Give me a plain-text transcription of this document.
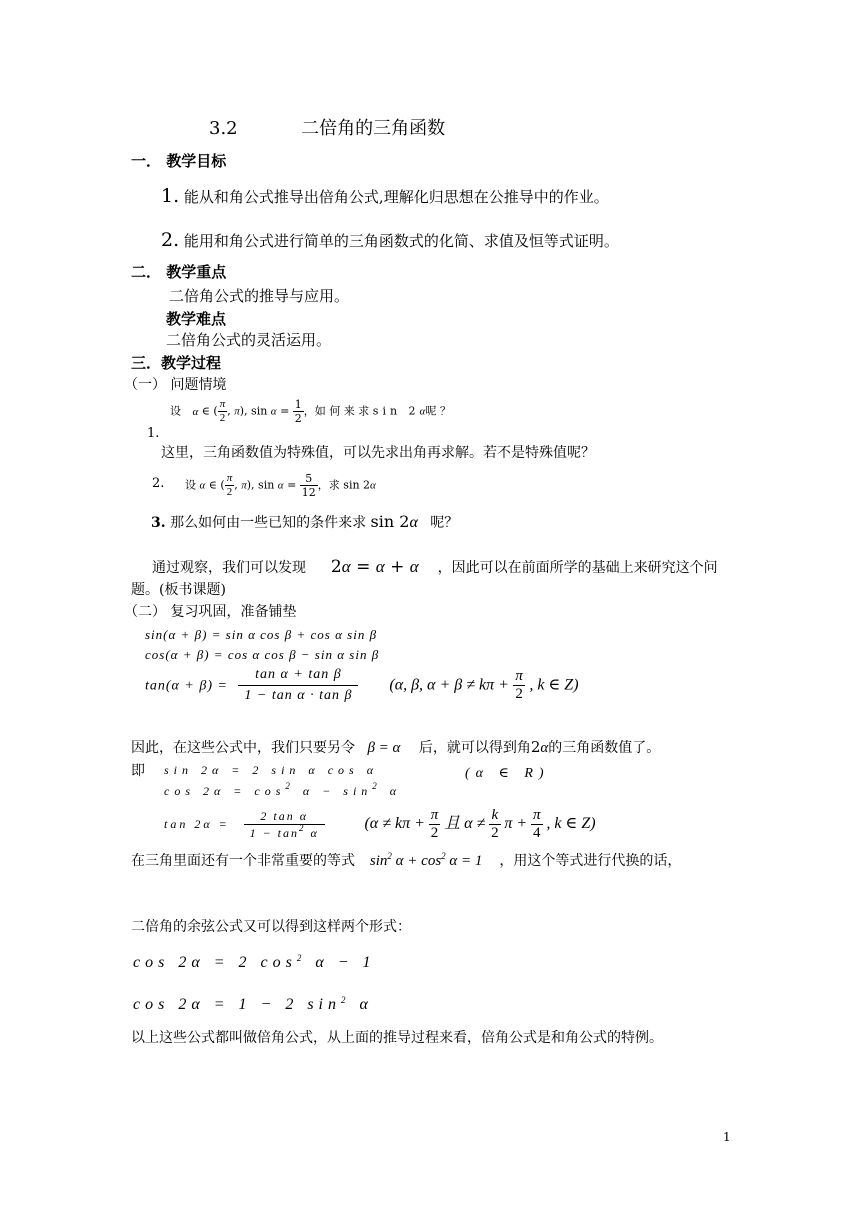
3.2	二倍角的三角函数
一． 教学目标
1. 能从和角公式推导出倍角公式,理解化归思想在公推导中的作业。
2. 能用和角公式进行简单的三角函数式的化简、求值及恒等式证明。
二． 教学重点
二倍角公式的推导与应用。
教学难点
二倍角公式的灵活运用。
三．教学过程
（一） 问题情境
设 α ∈ ( $\frac{\pi}{2}$ , π), $\sin \alpha = \frac{1}{2}$ ，如 何 来 求 sin 2α呢 ？
1.
这里，三角函数值为特殊值，可以先求出角再求解。若不是特殊值呢？
2. 设 α ∈ ( $\frac{\pi}{2}$ , π), $\sin \alpha = \frac{5}{12}$ ，求 sin 2α
3. 那么如何由一些已知的条件来求 sin 2α 呢？
通过观察，我们可以发现 2α = α + α ，因此可以在前面所学的基础上来研究这个问
题。(板书课题)
（二） 复习巩固，准备铺垫
sin(α + β) = sin α cos β + cos α sin β
cos(α + β) = cos α cos β − sin α sin β
$\tan(\alpha + \beta) = \frac{\text{tan α + tan β}}{\text{1 − tan α · tan β}} (\alpha$, β, $\alpha + \beta \ne k\pi + \frac{\pi}{2}$ , k ∈ Z)
因此，在这些公式中，我们只要另令 β = α 后，就可以得到角2α的三角函数值了。
即 sin 2α = 2 sin α cos α	(α ∈ R)
$\cos 2\alpha = \cos^2 \alpha - \sin^2 \alpha$
$\tan 2\alpha = \frac{\text{2 tan α}}{1 - \tan^2 \alpha} (\alpha \ne k\pi + \frac{\pi}{2}$ 且 $\alpha \ne \frac{k}{2}$ $\pi + \frac{\pi}{4}$ , k ∈ Z)
在三角里面还有一个非常重要的等式 $\sin^2 \alpha + \cos^2 \alpha = 1$ ，用这个等式进行代换的话，
二倍角的余弦公式又可以得到这样两个形式：
cos 2α = 2 $\cos^2 \alpha - 1$
cos 2α = 1 − 2 $\sin^2 \alpha$
以上这些公式都叫做倍角公式，从上面的推导过程来看，倍角公式是和角公式的特例。
1
